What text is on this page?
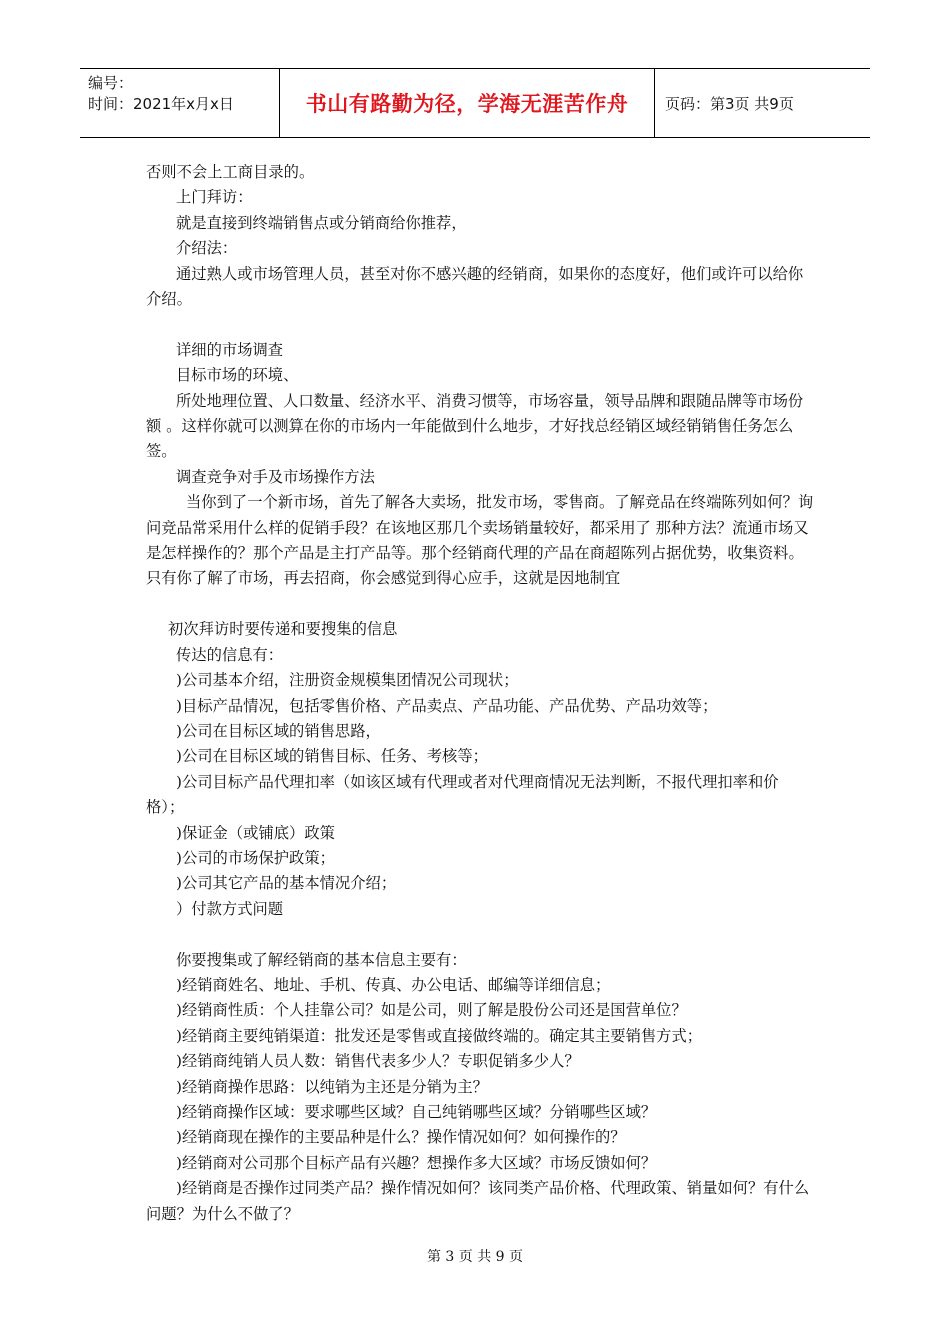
编号：
时间：2021年x月x日	书山有路勤为径，学海无涯苦作舟	页码：第3页 共9页

否则不会上工商目录的。

上门拜访：

就是直接到终端销售点或分销商给你推荐，

介绍法：

通过熟人或市场管理人员，甚至对你不感兴趣的经销商，如果你的态度好，他们或许可以给你介绍。

详细的市场调查

目标市场的环境、

所处地理位置、人口数量、经济水平、消费习惯等，市场容量，领导品牌和跟随品牌等市场份额 。这样你就可以测算在你的市场内一年能做到什么地步，才好找总经销区域经销销售任务怎么签。

调查竞争对手及市场操作方法

当你到了一个新市场，首先了解各大卖场，批发市场，零售商。了解竞品在终端陈列如何？询问竞品常采用什么样的促销手段？在该地区那几个卖场销量较好，都采用了 那种方法？流通市场又是怎样操作的？那个产品是主打产品等。那个经销商代理的产品在商超陈列占据优势，收集资料。只有你了解了市场，再去招商，你会感觉到得心应手，这就是因地制宜

初次拜访时要传递和要搜集的信息

传达的信息有：

)公司基本介绍，注册资金规模集团情况公司现状；

)目标产品情况，包括零售价格、产品卖点、产品功能、产品优势、产品功效等；

)公司在目标区域的销售思路，

)公司在目标区域的销售目标、任务、考核等；

)公司目标产品代理扣率（如该区域有代理或者对代理商情况无法判断，不报代理扣率和价格）；

)保证金（或铺底）政策

)公司的市场保护政策；

)公司其它产品的基本情况介绍；

）付款方式问题

你要搜集或了解经销商的基本信息主要有：

)经销商姓名、地址、手机、传真、办公电话、邮编等详细信息；

)经销商性质：个人挂靠公司？如是公司，则了解是股份公司还是国营单位？

)经销商主要纯销渠道：批发还是零售或直接做终端的。确定其主要销售方式；

)经销商纯销人员人数：销售代表多少人？专职促销多少人？

)经销商操作思路：以纯销为主还是分销为主？

)经销商操作区域：要求哪些区域？自己纯销哪些区域？分销哪些区域？

)经销商现在操作的主要品种是什么？操作情况如何？如何操作的？

)经销商对公司那个目标产品有兴趣？想操作多大区域？市场反馈如何？

)经销商是否操作过同类产品？操作情况如何？该同类产品价格、代理政策、销量如何？有什么问题？为什么不做了？

第 3 页 共 9 页
